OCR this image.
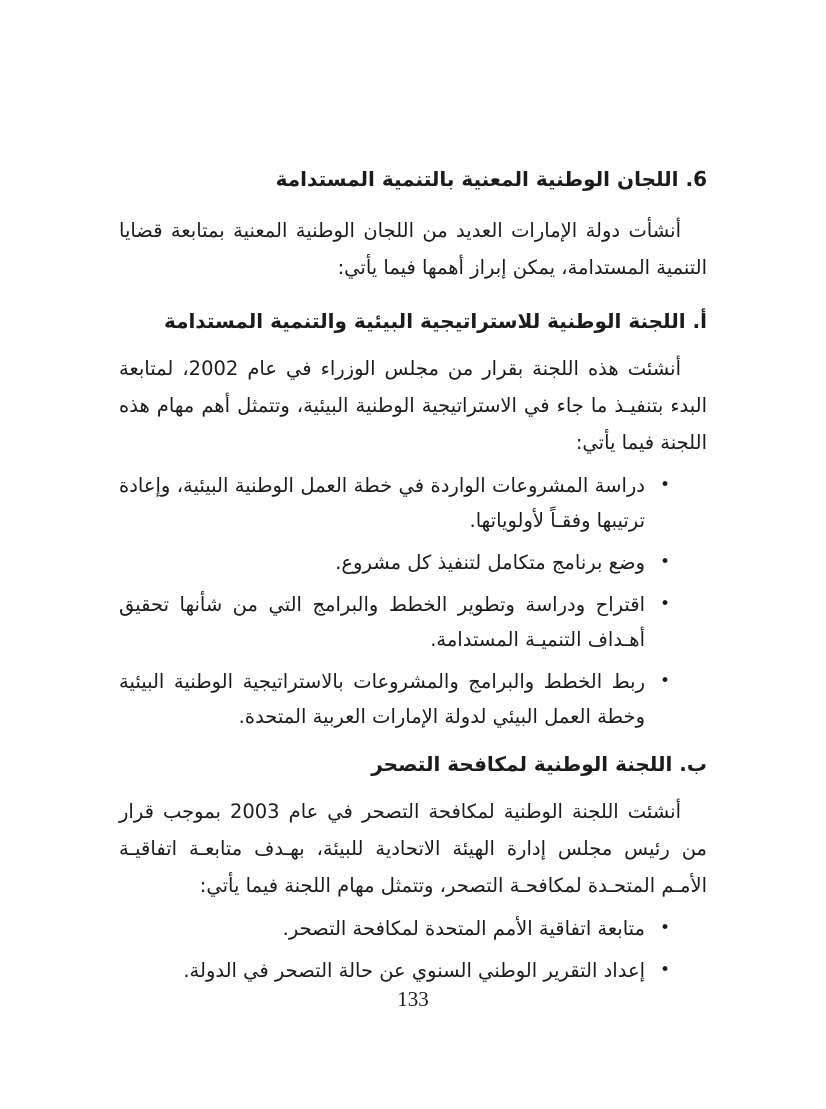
6. اللجان الوطنية المعنية بالتنمية المستدامة

أنشأت دولة الإمارات العديد من اللجان الوطنية المعنية بمتابعة قضايا التنمية المستدامة، يمكن إبراز أهمها فيما يأتي:

أ. اللجنة الوطنية للاستراتيجية البيئية والتنمية المستدامة

أنشئت هذه اللجنة بقرار من مجلس الوزراء في عام 2002، لمتابعة البدء بتنفيـذ ما جاء في الاستراتيجية الوطنية البيئية، وتتمثل أهم مهام هذه اللجنة فيما يأتي:

•
دراسة المشروعات الواردة في خطة العمل الوطنية البيئية، وإعادة ترتيبها وفقـاً لأولوياتها.
•
وضع برنامج متكامل لتنفيذ كل مشروع.
•
اقتراح ودراسة وتطوير الخطط والبرامج التي من شأنها تحقيق أهـداف التنميـة المستدامة.
•
ربط الخطط والبرامج والمشروعات بالاستراتيجية الوطنية البيئية وخطة العمل البيئي لدولة الإمارات العربية المتحدة.
ب. اللجنة الوطنية لمكافحة التصحر

أنشئت اللجنة الوطنية لمكافحة التصحر في عام 2003 بموجب قرار من رئيس مجلس إدارة الهيئة الاتحادية للبيئة، بهـدف متابعـة اتفاقيـة الأمـم المتحـدة لمكافحـة التصحر، وتتمثل مهام اللجنة فيما يأتي:

•
متابعة اتفاقية الأمم المتحدة لمكافحة التصحر.
•
إعداد التقرير الوطني السنوي عن حالة التصحر في الدولة.
133
